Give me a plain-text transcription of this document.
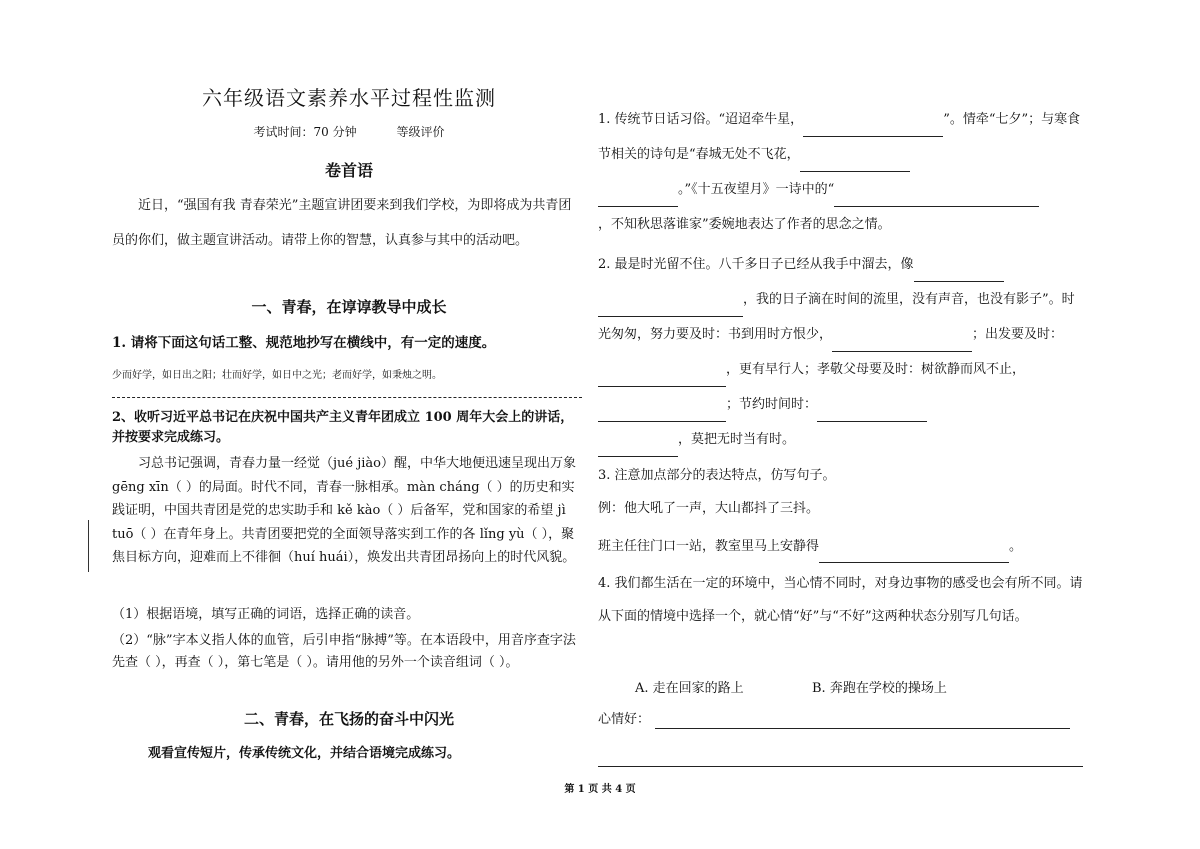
六年级语文素养水平过程性监测
考试时间：70 分钟	等级评价
卷首语
近日，“强国有我 青春荣光”主题宣讲团要来到我们学校，为即将成为共青团员的你们，做主题宣讲活动。请带上你的智慧，认真参与其中的活动吧。
一、青春，在谆谆教导中成长
1. 请将下面这句话工整、规范地抄写在横线中，有一定的速度。
少而好学，如日出之阳；壮而好学，如日中之光；老而好学，如秉烛之明。
2、收听习近平总书记在庆祝中国共产主义青年团成立 100 周年大会上的讲话，并按要求完成练习。
习总书记强调，青春力量一经觉（jué jiào）醒，中华大地便迅速呈现出万象 gēng xīn（ ）的局面。时代不同，青春一脉相承。màn cháng（ ）的历史和实践证明，中国共青团是党的忠实助手和 kě kào（ ）后备军，党和国家的希望 jì tuō（ ）在青年身上。共青团要把党的全面领导落实到工作的各 lǐng yù（ ），聚焦目标方向，迎难而上不徘徊（huí huái），焕发出共青团昂扬向上的时代风貌。
（1）根据语境，填写正确的词语，选择正确的读音。
（2）“脉”字本义指人体的血管，后引申指“脉搏”等。在本语段中，用音序查字法先查（ ），再查（ ），第七笔是（ ）。请用他的另外一个读音组词（ ）。
二、青春，在飞扬的奋斗中闪光
观看宣传短片，传承传统文化，并结合语境完成练习。
1. 传统节日话习俗。“迢迢牵牛星，	”。情牵“七夕”；与寒食节相关的诗句是“春城无处不飞花，
。”《十五夜望月》一诗中的“
，不知秋思落谁家”委婉地表达了作者的思念之情。
2. 最是时光留不住。八千多日子已经从我手中溜去，像
，我的日子滴在时间的流里，没有声音，也没有影子”。时光匆匆，努力要及时：书到用时方恨少，	；出发要及时：，更有早行人；孝敬父母要及时：树欲静而风不止，；节约时间时：
，莫把无时当有时。
3. 注意加点部分的表达特点，仿写句子。
例：他大吼了一声，大山都抖了三抖。
班主任往门口一站，教室里马上安静得	。
4. 我们都生活在一定的环境中，当心情不同时，对身边事物的感受也会有所不同。请从下面的情境中选择一个，就心情“好”与“不好”这两种状态分别写几句话。
A. 走在回家的路上	B. 奔跑在学校的操场上
心情好：
第 1 页 共 4 页
